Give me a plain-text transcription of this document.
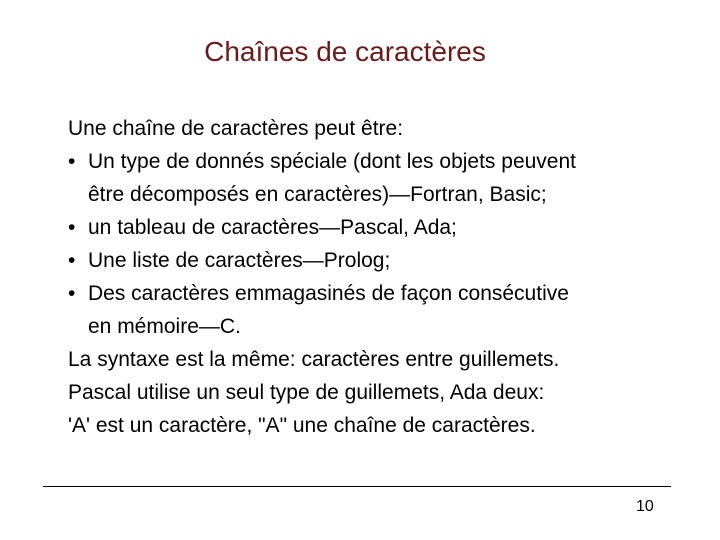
Chaînes de caractères
Une chaîne de caractères peut être:
• Un type de donnés spéciale (dont les objets peuvent
être décomposés en caractères)—Fortran, Basic;
• un tableau de caractères—Pascal, Ada;
• Une liste de caractères—Prolog;
• Des caractères emmagasinés de façon consécutive
en mémoire—C.
La syntaxe est la même: caractères entre guillemets.
Pascal utilise un seul type de guillemets, Ada deux:
'A' est un caractère, "A" une chaîne de caractères.
10
